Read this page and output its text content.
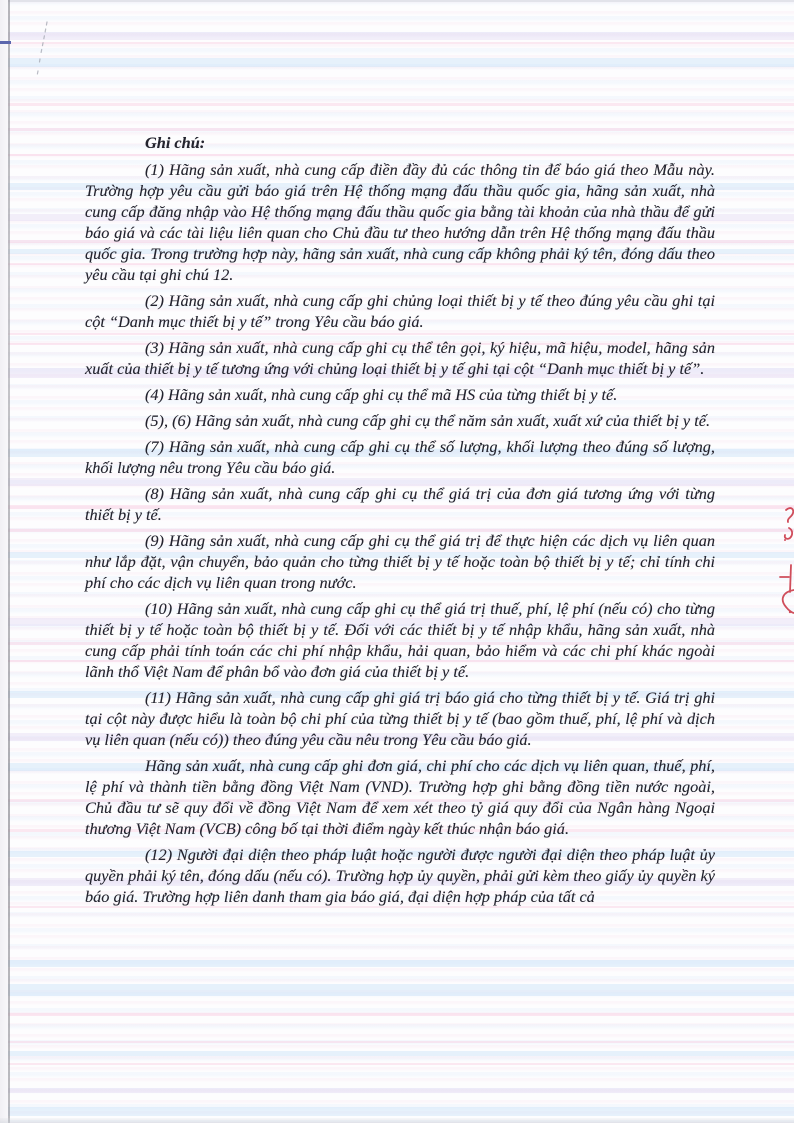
Ghi chú:

(1) Hãng sản xuất, nhà cung cấp điền đầy đủ các thông tin để báo giá theo Mẫu này. Trường hợp yêu cầu gửi báo giá trên Hệ thống mạng đấu thầu quốc gia, hãng sản xuất, nhà cung cấp đăng nhập vào Hệ thống mạng đấu thầu quốc gia bằng tài khoản của nhà thầu để gửi báo giá và các tài liệu liên quan cho Chủ đầu tư theo hướng dẫn trên Hệ thống mạng đấu thầu quốc gia. Trong trường hợp này, hãng sản xuất, nhà cung cấp không phải ký tên, đóng dấu theo yêu cầu tại ghi chú 12.

(2) Hãng sản xuất, nhà cung cấp ghi chủng loại thiết bị y tế theo đúng yêu cầu ghi tại cột “Danh mục thiết bị y tế” trong Yêu cầu báo giá.

(3) Hãng sản xuất, nhà cung cấp ghi cụ thể tên gọi, ký hiệu, mã hiệu, model, hãng sản xuất của thiết bị y tế tương ứng với chủng loại thiết bị y tế ghi tại cột “Danh mục thiết bị y tế”.

(4) Hãng sản xuất, nhà cung cấp ghi cụ thể mã HS của từng thiết bị y tế.

(5), (6) Hãng sản xuất, nhà cung cấp ghi cụ thể năm sản xuất, xuất xứ của thiết bị y tế.

(7) Hãng sản xuất, nhà cung cấp ghi cụ thể số lượng, khối lượng theo đúng số lượng, khối lượng nêu trong Yêu cầu báo giá.

(8) Hãng sản xuất, nhà cung cấp ghi cụ thể giá trị của đơn giá tương ứng với từng thiết bị y tế.

(9) Hãng sản xuất, nhà cung cấp ghi cụ thể giá trị để thực hiện các dịch vụ liên quan như lắp đặt, vận chuyển, bảo quản cho từng thiết bị y tế hoặc toàn bộ thiết bị y tế; chỉ tính chi phí cho các dịch vụ liên quan trong nước.

(10) Hãng sản xuất, nhà cung cấp ghi cụ thể giá trị thuế, phí, lệ phí (nếu có) cho từng thiết bị y tế hoặc toàn bộ thiết bị y tế. Đối với các thiết bị y tế nhập khẩu, hãng sản xuất, nhà cung cấp phải tính toán các chi phí nhập khẩu, hải quan, bảo hiểm và các chi phí khác ngoài lãnh thổ Việt Nam để phân bổ vào đơn giá của thiết bị y tế.

(11) Hãng sản xuất, nhà cung cấp ghi giá trị báo giá cho từng thiết bị y tế. Giá trị ghi tại cột này được hiểu là toàn bộ chi phí của từng thiết bị y tế (bao gồm thuế, phí, lệ phí và dịch vụ liên quan (nếu có)) theo đúng yêu cầu nêu trong Yêu cầu báo giá.

Hãng sản xuất, nhà cung cấp ghi đơn giá, chi phí cho các dịch vụ liên quan, thuế, phí, lệ phí và thành tiền bằng đồng Việt Nam (VND). Trường hợp ghi bằng đồng tiền nước ngoài, Chủ đầu tư sẽ quy đổi về đồng Việt Nam để xem xét theo tỷ giá quy đổi của Ngân hàng Ngoại thương Việt Nam (VCB) công bố tại thời điểm ngày kết thúc nhận báo giá.

(12) Người đại diện theo pháp luật hoặc người được người đại diện theo pháp luật ủy quyền phải ký tên, đóng dấu (nếu có). Trường hợp ủy quyền, phải gửi kèm theo giấy ủy quyền ký báo giá. Trường hợp liên danh tham gia báo giá, đại diện hợp pháp của tất cả
